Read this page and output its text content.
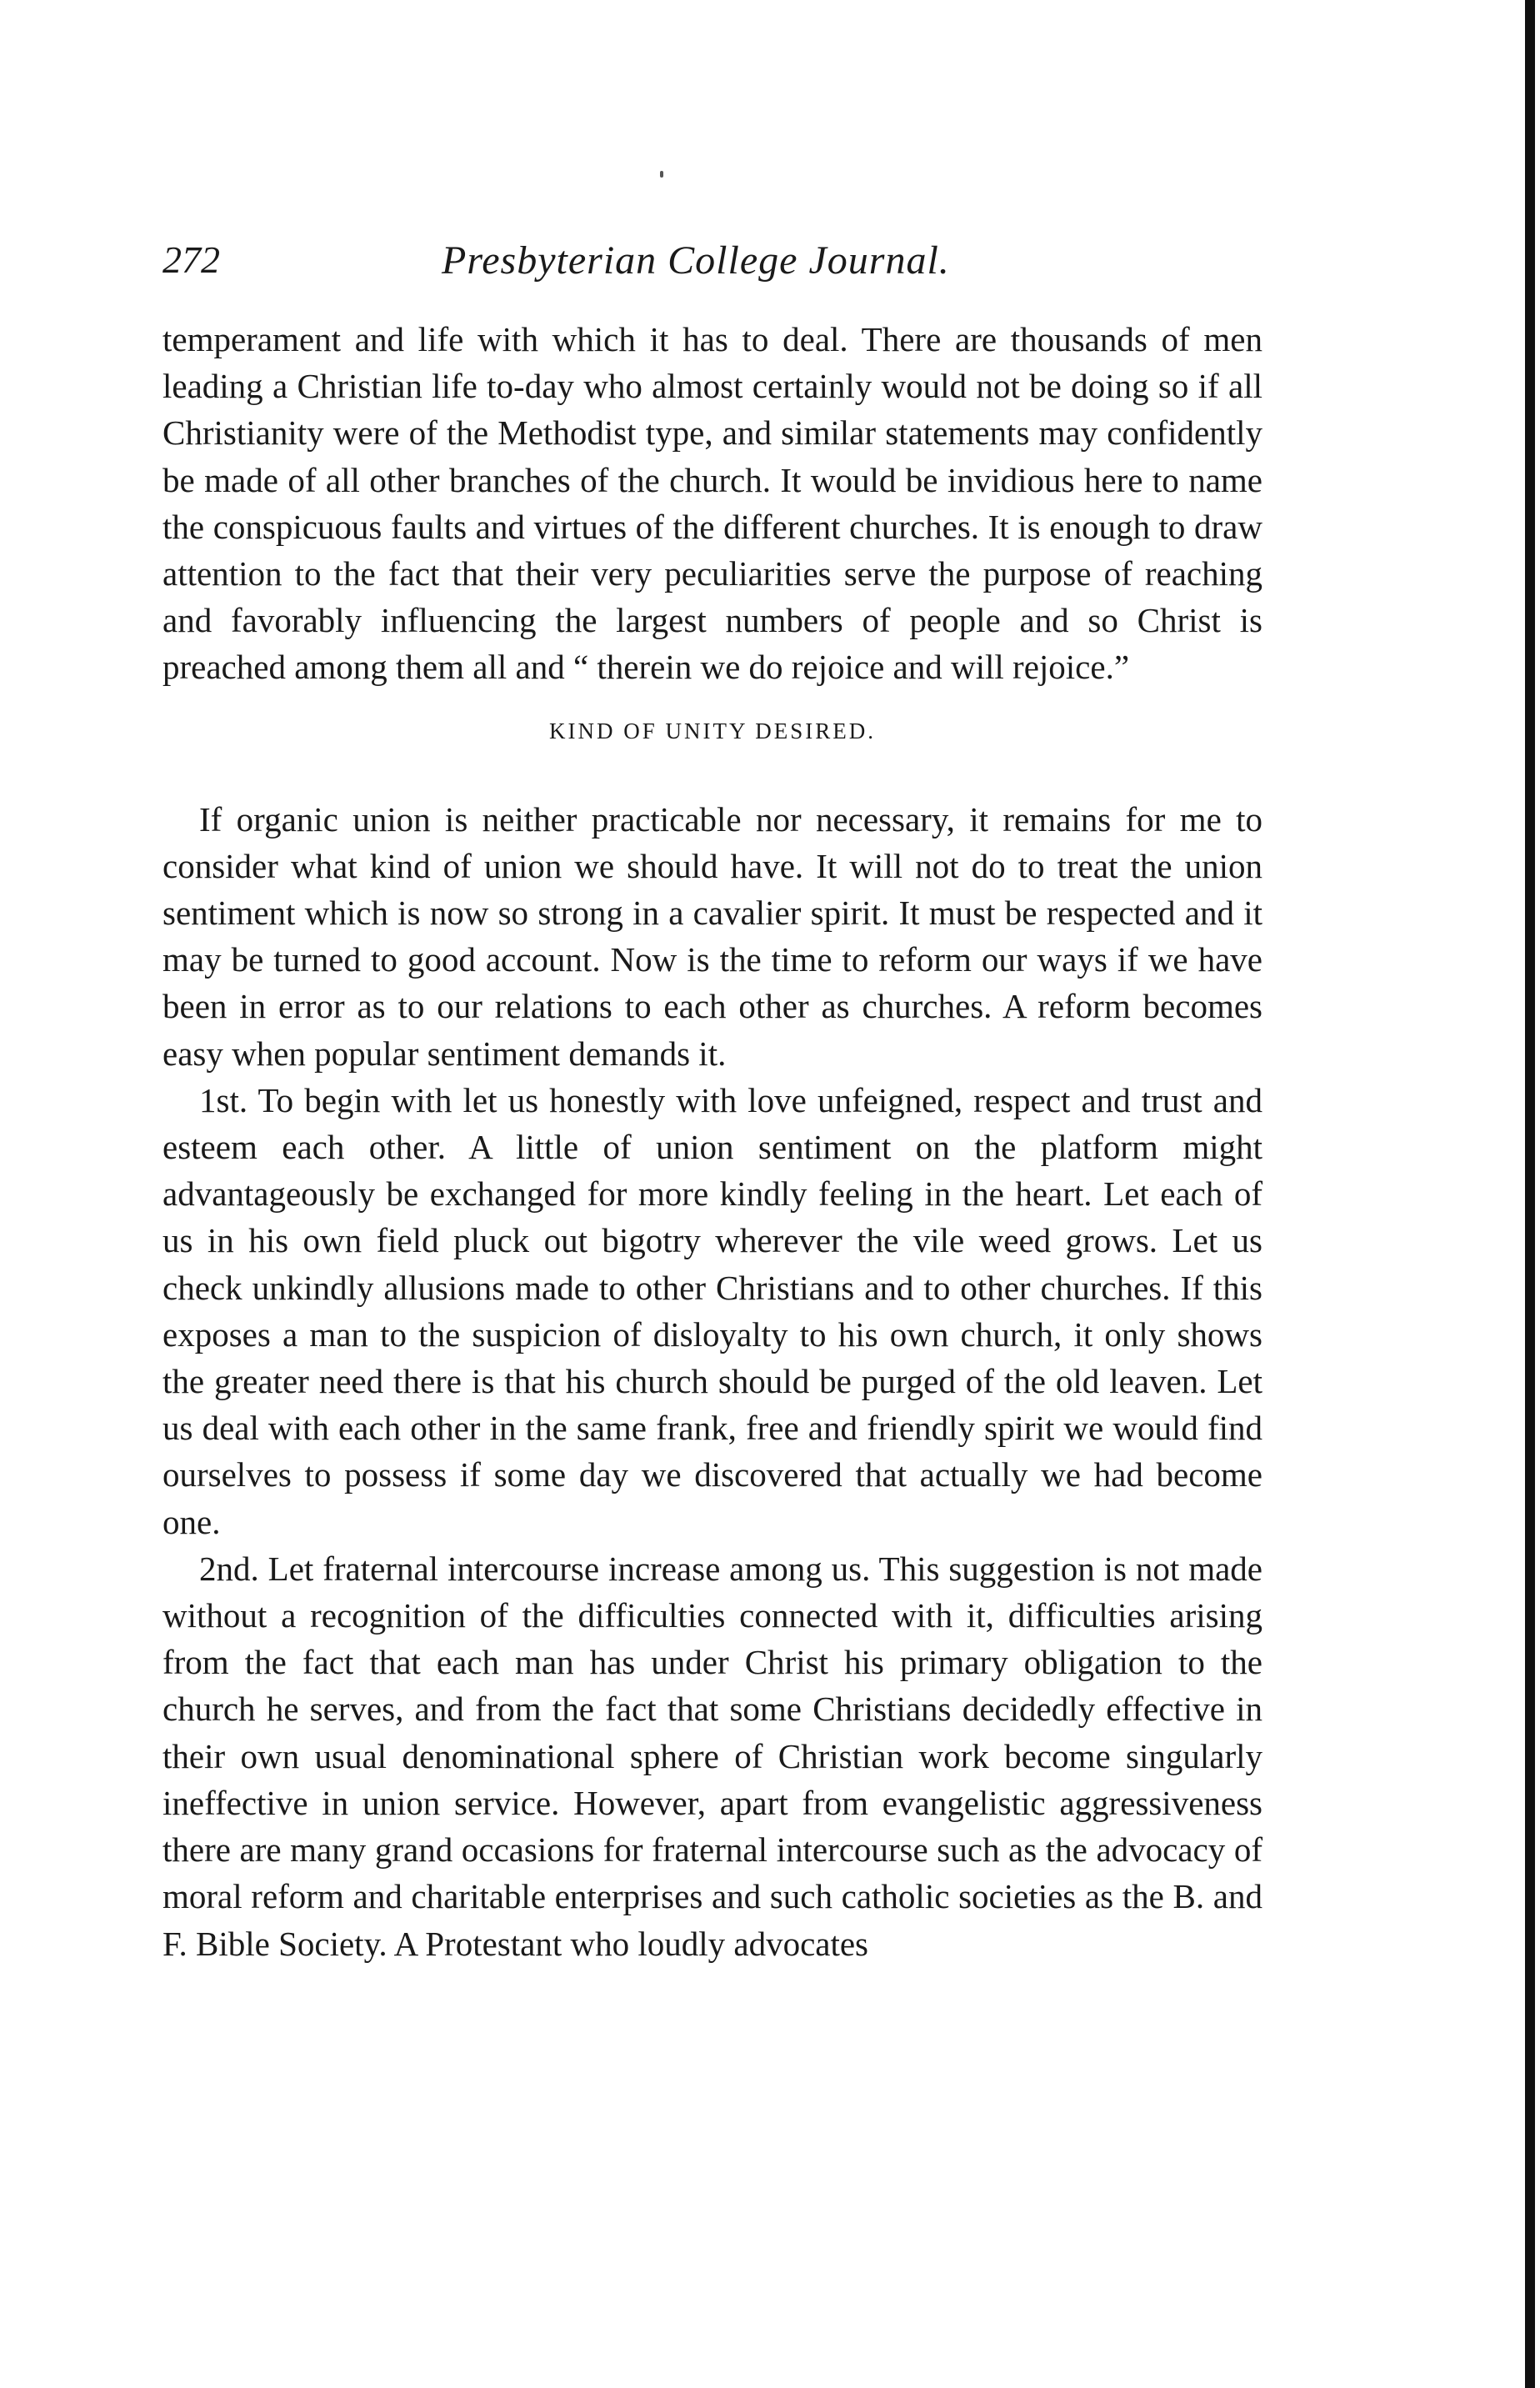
272	Presbyterian College Journal.

temperament and life with which it has to deal. There are thousands of men leading a Christian life to-day who almost certainly would not be doing so if all Christianity were of the Methodist type, and similar statements may confidently be made of all other branches of the church. It would be invidious here to name the conspicuous faults and virtues of the different churches. It is enough to draw attention to the fact that their very peculiarities serve the purpose of reaching and favorably influencing the largest numbers of people and so Christ is preached among them all and “ therein we do rejoice and will rejoice.”

KIND OF UNITY DESIRED.

If organic union is neither practicable nor necessary, it remains for me to consider what kind of union we should have. It will not do to treat the union sentiment which is now so strong in a cavalier spirit. It must be respected and it may be turned to good account. Now is the time to reform our ways if we have been in error as to our relations to each other as churches. A reform becomes easy when popular sentiment demands it.

1st. To begin with let us honestly with love unfeigned, respect and trust and esteem each other. A little of union sentiment on the platform might advantageously be exchanged for more kindly feeling in the heart. Let each of us in his own field pluck out bigotry wherever the vile weed grows. Let us check unkindly allusions made to other Christians and to other churches. If this exposes a man to the suspicion of disloyalty to his own church, it only shows the greater need there is that his church should be purged of the old leaven. Let us deal with each other in the same frank, free and friendly spirit we would find ourselves to possess if some day we discovered that actually we had become one.

2nd. Let fraternal intercourse increase among us. This suggestion is not made without a recognition of the difficulties connected with it, difficulties arising from the fact that each man has under Christ his primary obligation to the church he serves, and from the fact that some Christians decidedly effective in their own usual denominational sphere of Christian work become singularly ineffective in union service. However, apart from evangelistic aggressiveness there are many grand occasions for fraternal intercourse such as the advocacy of moral reform and charitable enterprises and such catholic societies as the B. and F. Bible Society. A Protestant who loudly advocates
